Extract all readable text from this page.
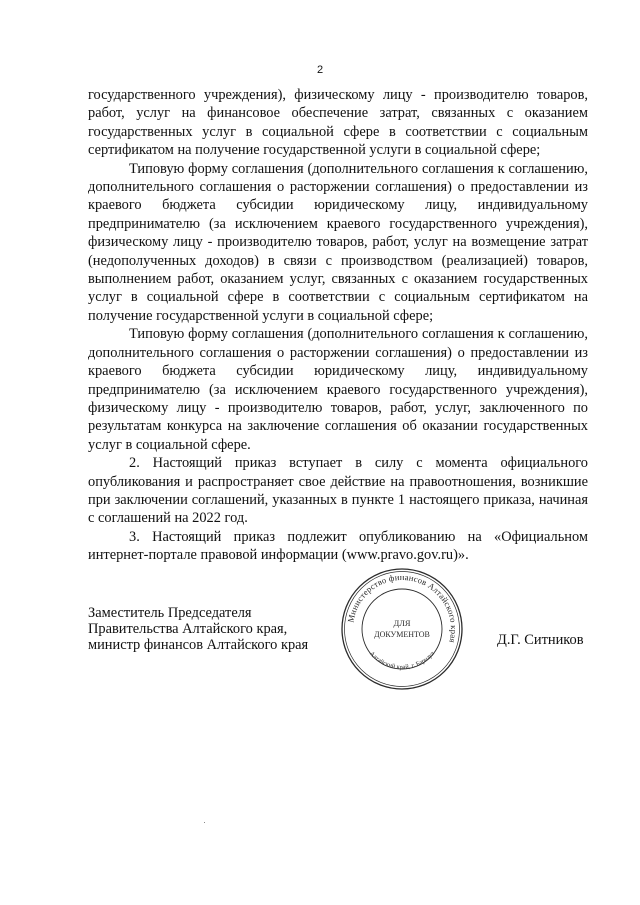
2

государственного учреждения), физическому лицу - производителю товаров, работ, услуг на финансовое обеспечение затрат, связанных с оказанием государственных услуг в социальной сфере в соответствии с социальным сертификатом на получение государственной услуги в социальной сфере;

Типовую форму соглашения (дополнительного соглашения к соглашению, дополнительного соглашения о расторжении соглашения) о предоставлении из краевого бюджета субсидии юридическому лицу, индивидуальному предпринимателю (за исключением краевого государственного учреждения), физическому лицу - производителю товаров, работ, услуг на возмещение затрат (недополученных доходов) в связи с производством (реализацией) товаров, выполнением работ, оказанием услуг, связанных с оказанием государственных услуг в социальной сфере в соответствии с социальным сертификатом на получение государственной услуги в социальной сфере;

Типовую форму соглашения (дополнительного соглашения к соглашению, дополнительного соглашения о расторжении соглашения) о предоставлении из краевого бюджета субсидии юридическому лицу, индивидуальному предпринимателю (за исключением краевого государственного учреждения), физическому лицу - производителю товаров, работ, услуг, заключенного по результатам конкурса на заключение соглашения об оказании государственных услуг в социальной сфере.

2. Настоящий приказ вступает в силу с момента официального опубликования и распространяет свое действие на правоотношения, возникшие при заключении соглашений, указанных в пункте 1 настоящего приказа, начиная с соглашений на 2022 год.

3. Настоящий приказ подлежит опубликованию на «Официальном интернет-портале правовой информации (www.pravo.gov.ru)».

Заместитель Председателя
Правительства Алтайского края,
министр финансов Алтайского края
Министерство финансов Алтайского края
Алтайский край, г. Барнаул
ДЛЯ
ДОКУМЕНТОВ	Д.Г. Ситников
